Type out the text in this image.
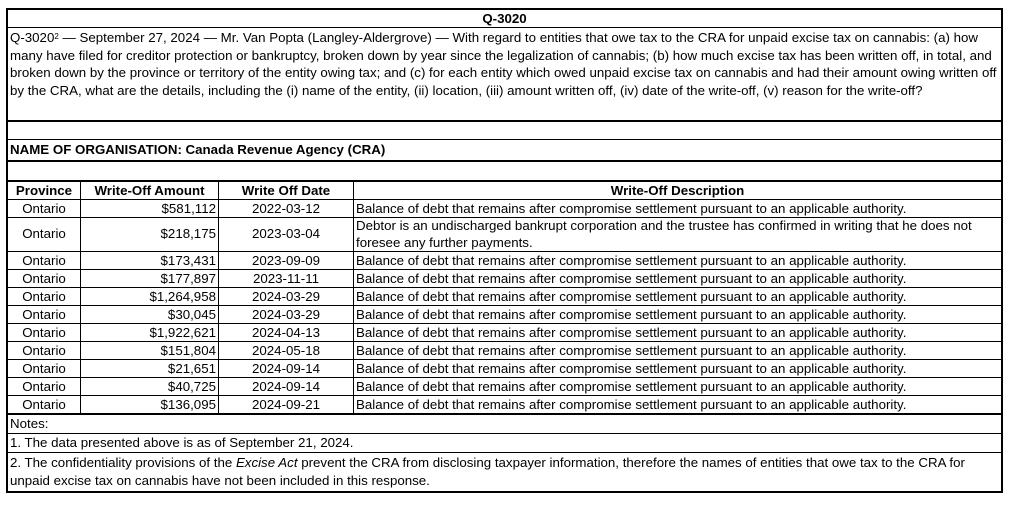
Q-3020
Q-3020$^2$ — September 27, 2024 — Mr. Van Popta (Langley-Aldergrove) — With regard to entities that owe tax to the CRA for unpaid excise tax on cannabis: (a) how many have filed for creditor protection or bankruptcy, broken down by year since the legalization of cannabis; (b) how much excise tax has been written off, in total, and broken down by the province or territory of the entity owing tax; and (c) for each entity which owed unpaid excise tax on cannabis and had their amount owing written off by the CRA, what are the details, including the (i) name of the entity, (ii) location, (iii) amount written off, (iv) date of the write-off, (v) reason for the write-off?
NAME OF ORGANISATION: Canada Revenue Agency (CRA)
Province	Write-Off Amount	Write Off Date	Write-Off Description
Ontario	$581,112	2022-03-12	Balance of debt that remains after compromise settlement pursuant to an applicable authority.
Ontario	$218,175	2023-03-04	Debtor is an undischarged bankrupt corporation and the trustee has confirmed in writing that he does not foresee any further payments.
Ontario	$173,431	2023-09-09	Balance of debt that remains after compromise settlement pursuant to an applicable authority.
Ontario	$177,897	2023-11-11	Balance of debt that remains after compromise settlement pursuant to an applicable authority.
Ontario	$1,264,958	2024-03-29	Balance of debt that remains after compromise settlement pursuant to an applicable authority.
Ontario	$30,045	2024-03-29	Balance of debt that remains after compromise settlement pursuant to an applicable authority.
Ontario	$1,922,621	2024-04-13	Balance of debt that remains after compromise settlement pursuant to an applicable authority.
Ontario	$151,804	2024-05-18	Balance of debt that remains after compromise settlement pursuant to an applicable authority.
Ontario	$21,651	2024-09-14	Balance of debt that remains after compromise settlement pursuant to an applicable authority.
Ontario	$40,725	2024-09-14	Balance of debt that remains after compromise settlement pursuant to an applicable authority.
Ontario	$136,095	2024-09-21	Balance of debt that remains after compromise settlement pursuant to an applicable authority.
Notes:
1. The data presented above is as of September 21, 2024.
2. The confidentiality provisions of the Excise Act prevent the CRA from disclosing taxpayer information, therefore the names of entities that owe tax to the CRA for unpaid excise tax on cannabis have not been included in this response.
